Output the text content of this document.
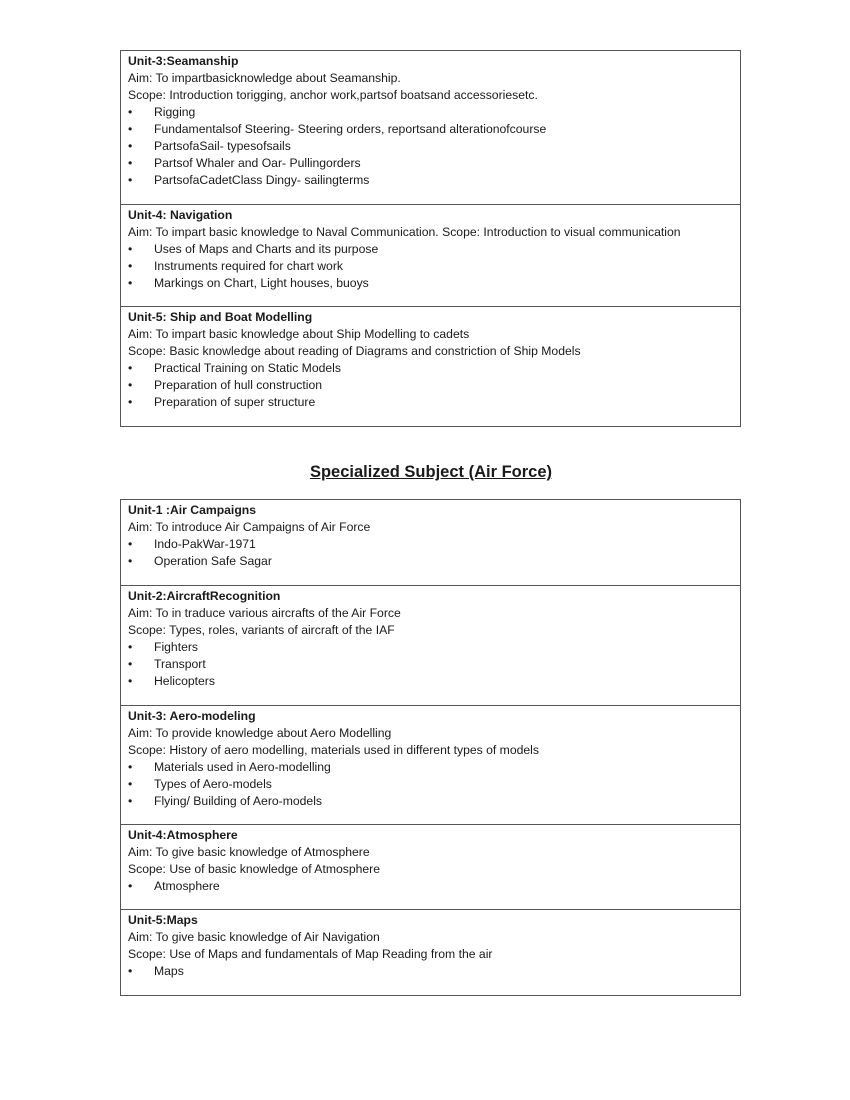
Unit-3:Seamanship
Aim: To impartbasicknowledge about Seamanship.
Scope: Introduction torigging, anchor work,partsof boatsand accessoriesetc.
• Rigging
• Fundamentalsof Steering- Steering orders, reportsand alterationofcourse
• PartsofaSail- typesofsails
• Partsof Whaler and Oar- Pullingorders
• PartsofaCadetClass Dingy- sailingterms
Unit-4: Navigation
Aim: To impart basic knowledge to Naval Communication. Scope: Introduction to visual communication
• Uses of Maps and Charts and its purpose
• Instruments required for chart work
• Markings on Chart, Light houses, buoys
Unit-5: Ship and Boat Modelling
Aim: To impart basic knowledge about Ship Modelling to cadets
Scope: Basic knowledge about reading of Diagrams and constriction of Ship Models
• Practical Training on Static Models
• Preparation of hull construction
• Preparation of super structure
Specialized Subject (Air Force)
Unit-1 :Air Campaigns
Aim: To introduce Air Campaigns of Air Force
• Indo-PakWar-1971
• Operation Safe Sagar
Unit-2:AircraftRecognition
Aim: To in traduce various aircrafts of the Air Force
Scope: Types, roles, variants of aircraft of the IAF
• Fighters
• Transport
• Helicopters
Unit-3: Aero-modeling
Aim: To provide knowledge about Aero Modelling
Scope: History of aero modelling, materials used in different types of models
• Materials used in Aero-modelling
• Types of Aero-models
• Flying/ Building of Aero-models
Unit-4:Atmosphere
Aim: To give basic knowledge of Atmosphere
Scope: Use of basic knowledge of Atmosphere
• Atmosphere
Unit-5:Maps
Aim: To give basic knowledge of Air Navigation
Scope: Use of Maps and fundamentals of Map Reading from the air
• Maps
